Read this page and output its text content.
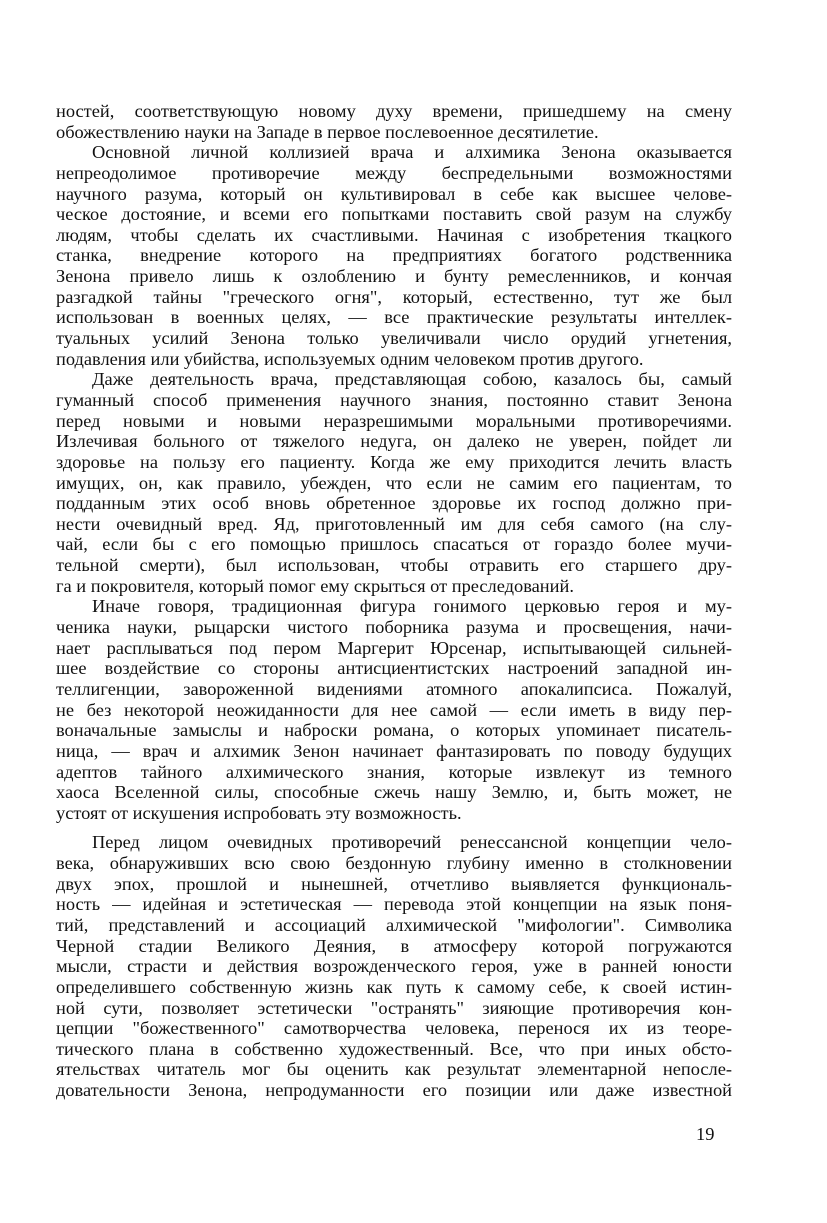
ностей, соответствующую новому духу времени, пришедшему на смену
обожествлению науки на Западе в первое послевоенное десятилетие.
Основной личной коллизией врача и алхимика Зенона оказывается
непреодолимое противоречие между беспредельными возможностями
научного разума, который он культивировал в себе как высшее челове-
ческое достояние, и всеми его попытками поставить свой разум на службу
людям, чтобы сделать их счастливыми. Начиная с изобретения ткацкого
станка, внедрение которого на предприятиях богатого родственника
Зенона привело лишь к озлоблению и бунту ремесленников, и кончая
разгадкой тайны "греческого огня", который, естественно, тут же был
использован в военных целях, — все практические результаты интеллек-
туальных усилий Зенона только увеличивали число орудий угнетения,
подавления или убийства, используемых одним человеком против другого.
Даже деятельность врача, представляющая собою, казалось бы, самый
гуманный способ применения научного знания, постоянно ставит Зенона
перед новыми и новыми неразрешимыми моральными противоречиями.
Излечивая больного от тяжелого недуга, он далеко не уверен, пойдет ли
здоровье на пользу его пациенту. Когда же ему приходится лечить власть
имущих, он, как правило, убежден, что если не самим его пациентам, то
подданным этих особ вновь обретенное здоровье их господ должно при-
нести очевидный вред. Яд, приготовленный им для себя самого (на слу-
чай, если бы с его помощью пришлось спасаться от гораздо более мучи-
тельной смерти), был использован, чтобы отравить его старшего дру-
га и покровителя, который помог ему скрыться от преследований.
Иначе говоря, традиционная фигура гонимого церковью героя и му-
ченика науки, рыцарски чистого поборника разума и просвещения, начи-
нает расплываться под пером Маргерит Юрсенар, испытывающей сильней-
шее воздействие со стороны антисциентистских настроений западной ин-
теллигенции, завороженной видениями атомного апокалипсиса. Пожалуй,
не без некоторой неожиданности для нее самой — если иметь в виду пер-
воначальные замыслы и наброски романа, о которых упоминает писатель-
ница, — врач и алхимик Зенон начинает фантазировать по поводу будущих
адептов тайного алхимического знания, которые извлекут из темного
хаоса Вселенной силы, способные сжечь нашу Землю, и, быть может, не
устоят от искушения испробовать эту возможность.
Перед лицом очевидных противоречий ренессансной концепции чело-
века, обнаруживших всю свою бездонную глубину именно в столкновении
двух эпох, прошлой и нынешней, отчетливо выявляется функциональ-
ность — идейная и эстетическая — перевода этой концепции на язык поня-
тий, представлений и ассоциаций алхимической "мифологии". Символика
Черной стадии Великого Деяния, в атмосферу которой погружаются
мысли, страсти и действия возрожденческого героя, уже в ранней юности
определившего собственную жизнь как путь к самому себе, к своей истин-
ной сути, позволяет эстетически "остранять" зияющие противоречия кон-
цепции "божественного" самотворчества человека, перенося их из теоре-
тического плана в собственно художественный. Все, что при иных обсто-
ятельствах читатель мог бы оценить как результат элементарной непосле-
довательности Зенона, непродуманности его позиции или даже известной
19
